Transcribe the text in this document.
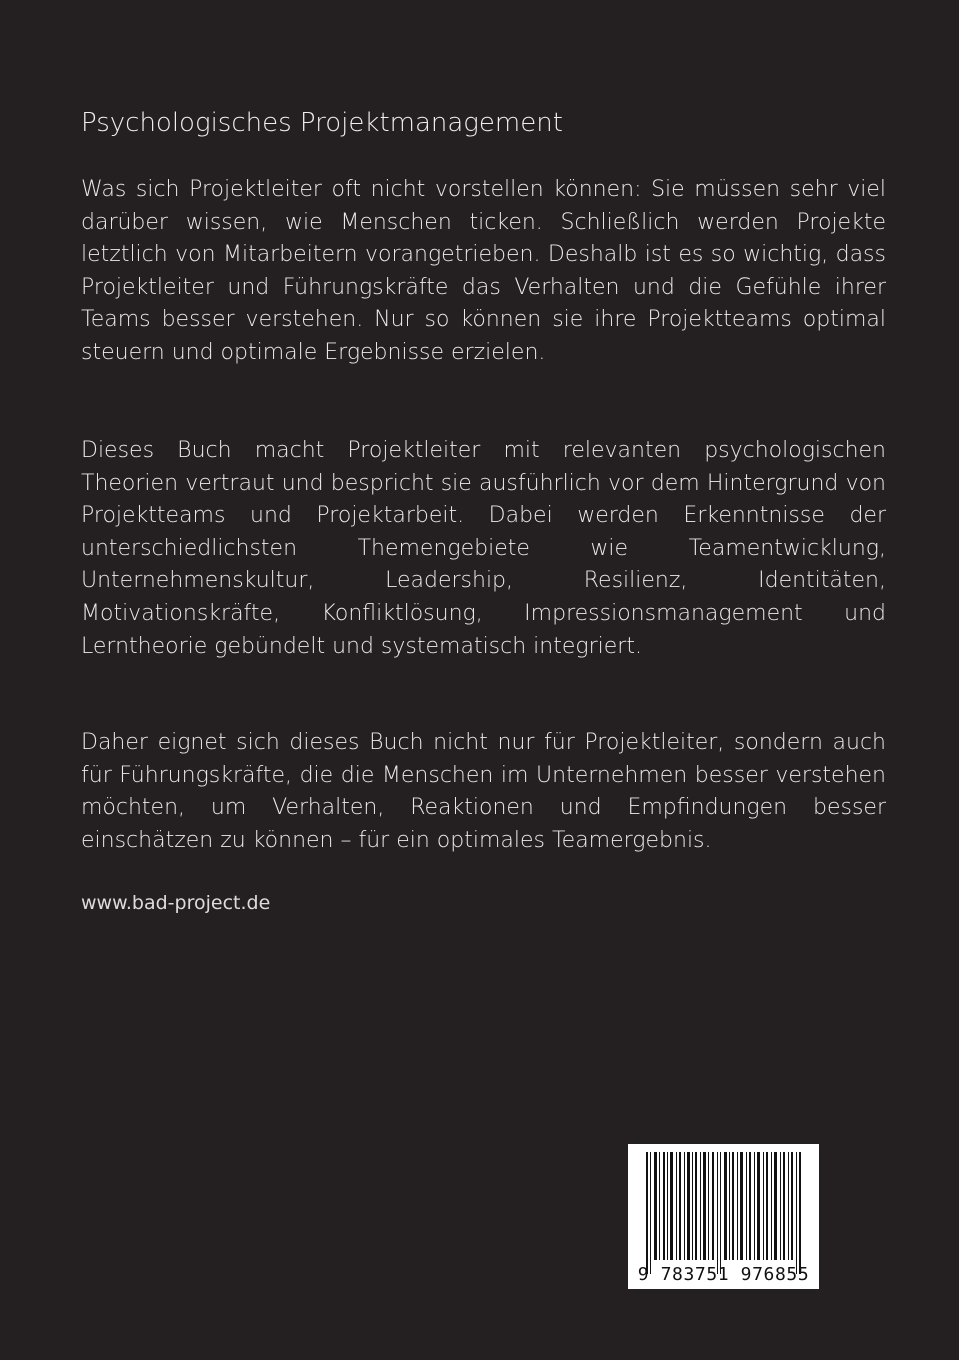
Psychologisches Projektmanagement

Was sich Projektleiter oft nicht vorstellen können: Sie müssen sehr viel darüber wissen, wie Menschen ticken. Schließlich werden Projekte letztlich von Mitarbeitern vorangetrieben. Deshalb ist es so wichtig, dass Projektleiter und Führungskräfte das Verhalten und die Gefühle ihrer Teams besser verstehen. Nur so können sie ihre Projektteams optimal steuern und optimale Ergebnisse erzielen.

Dieses Buch macht Projektleiter mit relevanten psychologischen Theorien vertraut und bespricht sie ausführlich vor dem Hintergrund von Projektteams und Projektarbeit. Dabei werden Erkenntnisse der unterschiedlichsten Themengebiete wie Teamentwicklung, Unternehmenskultur, Leadership, Resilienz, Identitäten, Motivationskräfte, Konfliktlösung, Impressionsmanagement und Lerntheorie gebündelt und systematisch integriert.

Daher eignet sich dieses Buch nicht nur für Projektleiter, sondern auch für Führungskräfte, die die Menschen im Unternehmen besser verstehen möchten, um Verhalten, Reaktionen und Empfindungen besser einschätzen zu können – für ein optimales Teamergebnis.

www.bad-project.de

9 783751 976855
